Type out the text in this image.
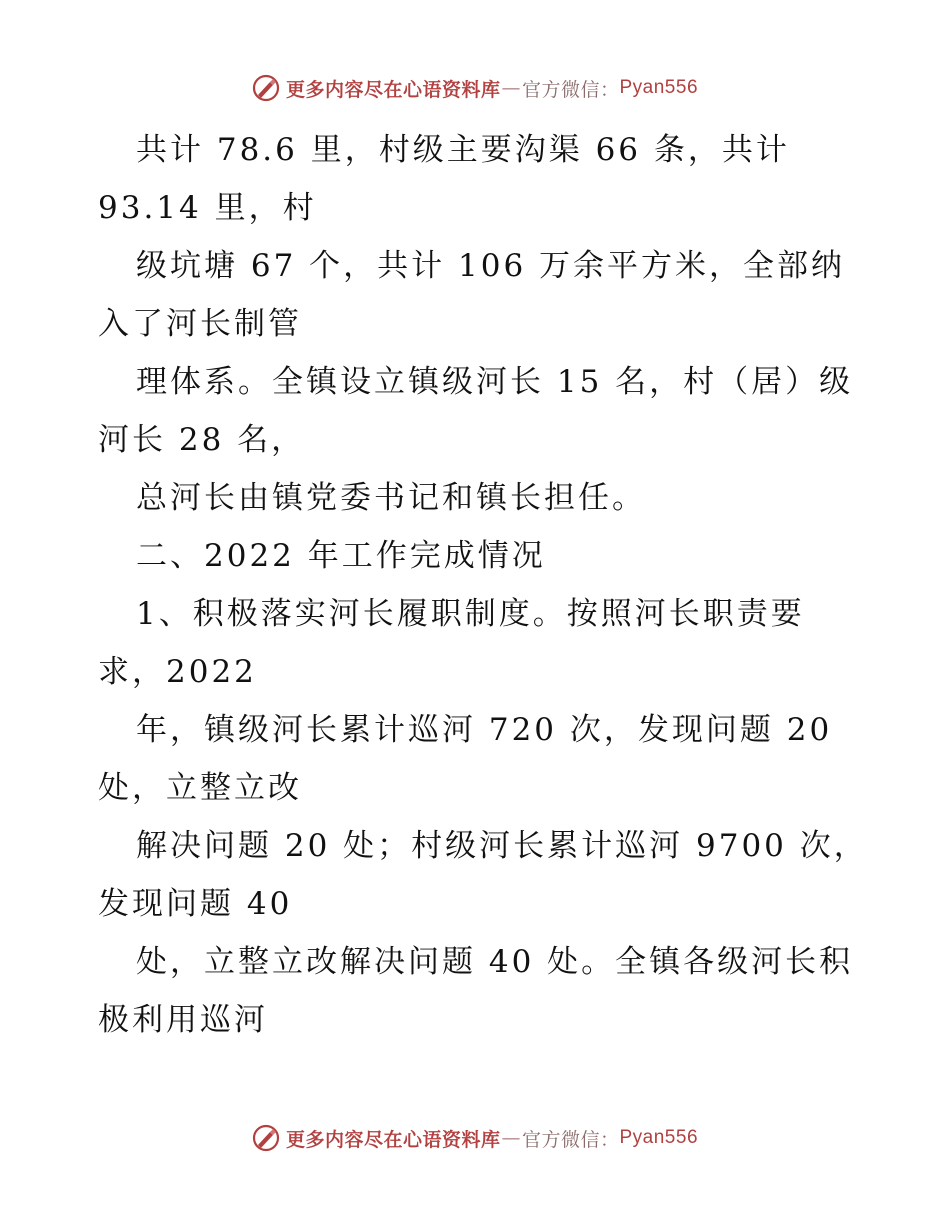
更多内容尽在心语资料库 — 官方微信： Pyan556
共计 78.6 里，村级主要沟渠 66 条，共计
93.14 里，村
级坑塘 67 个，共计 106 万余平方米，全部纳
入了河长制管
理体系。全镇设立镇级河长 15 名，村（居）级
河长 28 名，
总河长由镇党委书记和镇长担任。
二、2022 年工作完成情况
1、积极落实河长履职制度。按照河长职责要
求，2022
年，镇级河长累计巡河 720 次，发现问题 20
处，立整立改
解决问题 20 处；村级河长累计巡河 9700 次，
发现问题 40
处，立整立改解决问题 40 处。全镇各级河长积
极利用巡河
更多内容尽在心语资料库 — 官方微信： Pyan556
